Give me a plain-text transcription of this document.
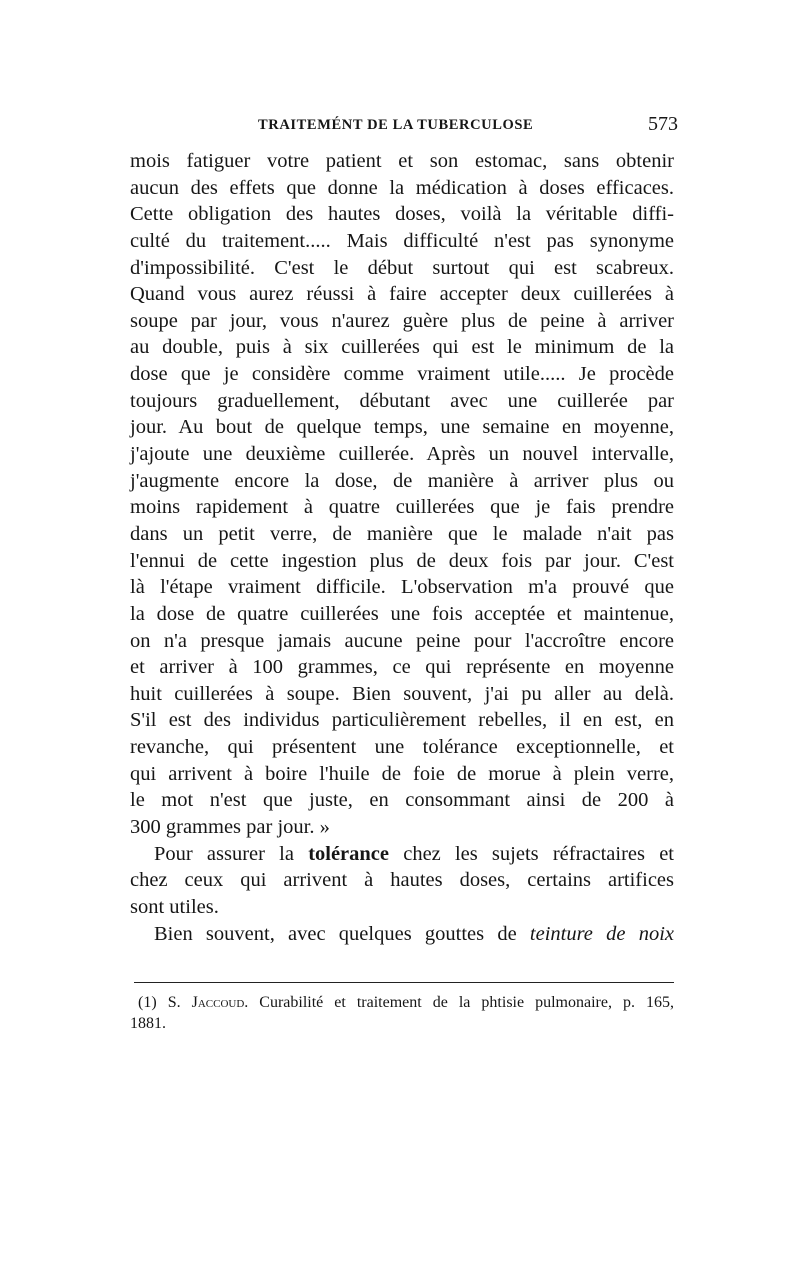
TRAITEMÉNT DE LA TUBERCULOSE	573
mois fatiguer votre patient et son estomac, sans obtenir
aucun des effets que donne la médication à doses efficaces.
Cette obligation des hautes doses, voilà la véritable diffi-
culté du traitement..... Mais difficulté n'est pas synonyme
d'impossibilité. C'est le début surtout qui est scabreux.
Quand vous aurez réussi à faire accepter deux cuillerées à
soupe par jour, vous n'aurez guère plus de peine à arriver
au double, puis à six cuillerées qui est le minimum de la
dose que je considère comme vraiment utile..... Je procède
toujours graduellement, débutant avec une cuillerée par
jour. Au bout de quelque temps, une semaine en moyenne,
j'ajoute une deuxième cuillerée. Après un nouvel intervalle,
j'augmente encore la dose, de manière à arriver plus ou
moins rapidement à quatre cuillerées que je fais prendre
dans un petit verre, de manière que le malade n'ait pas
l'ennui de cette ingestion plus de deux fois par jour. C'est
là l'étape vraiment difficile. L'observation m'a prouvé que
la dose de quatre cuillerées une fois acceptée et maintenue,
on n'a presque jamais aucune peine pour l'accroître encore
et arriver à 100 grammes, ce qui représente en moyenne
huit cuillerées à soupe. Bien souvent, j'ai pu aller au delà.
S'il est des individus particulièrement rebelles, il en est, en
revanche, qui présentent une tolérance exceptionnelle, et
qui arrivent à boire l'huile de foie de morue à plein verre,
le mot n'est que juste, en consommant ainsi de 200 à
300 grammes par jour. »
Pour assurer la tolérance chez les sujets réfractaires et
chez ceux qui arrivent à hautes doses, certains artifices
sont utiles.
Bien souvent, avec quelques gouttes de teinture de noix
(1) S. Jaccoud. Curabilité et traitement de la phtisie pulmonaire, p. 165,
1881.
